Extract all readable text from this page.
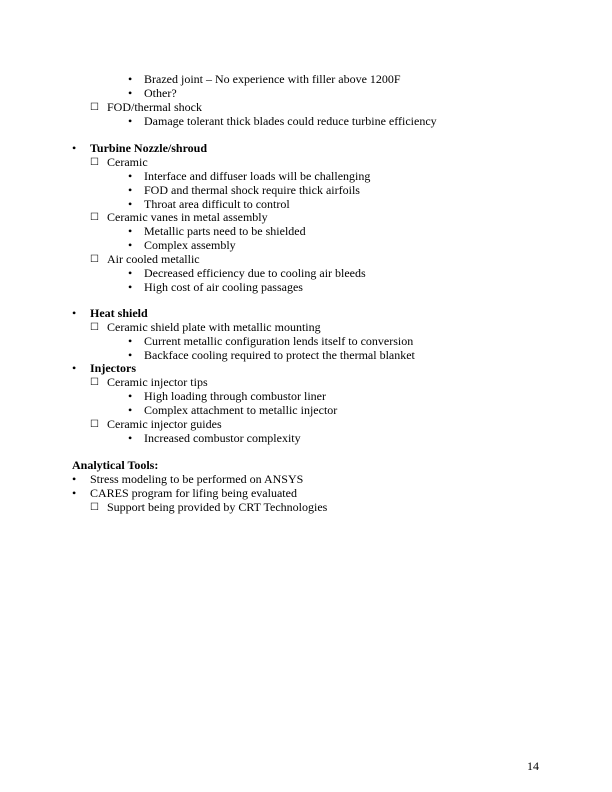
• Brazed joint – No experience with filler above 1200F
• Other?
☐ FOD/thermal shock
• Damage tolerant thick blades could reduce turbine efficiency
• Turbine Nozzle/shroud
☐ Ceramic
• Interface and diffuser loads will be challenging
• FOD and thermal shock require thick airfoils
• Throat area difficult to control
☐ Ceramic vanes in metal assembly
• Metallic parts need to be shielded
• Complex assembly
☐ Air cooled metallic
• Decreased efficiency due to cooling air bleeds
• High cost of air cooling passages
• Heat shield
☐ Ceramic shield plate with metallic mounting
• Current metallic configuration lends itself to conversion
• Backface cooling required to protect the thermal blanket
• Injectors
☐ Ceramic injector tips
• High loading through combustor liner
• Complex attachment to metallic injector
☐ Ceramic injector guides
• Increased combustor complexity
Analytical Tools:
• Stress modeling to be performed on ANSYS
• CARES program for lifing being evaluated
☐ Support being provided by CRT Technologies
14
